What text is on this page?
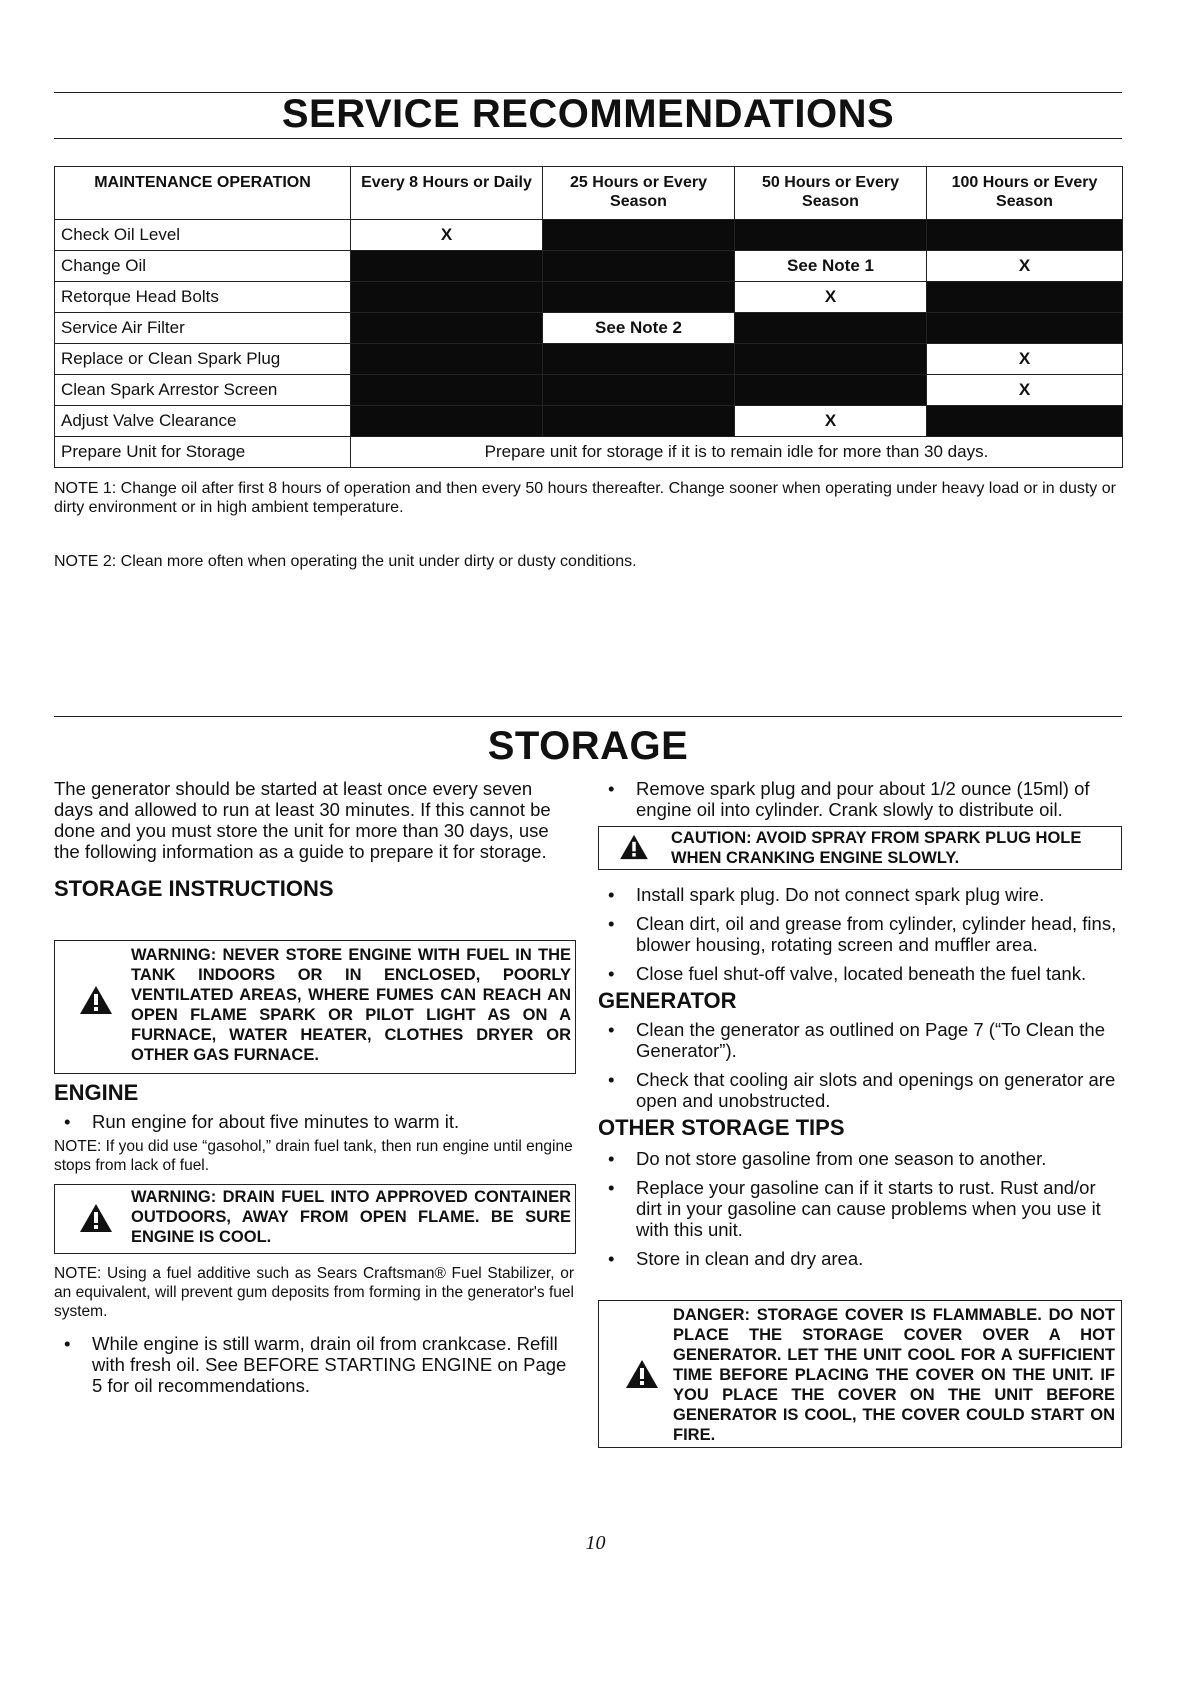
SERVICE RECOMMENDATIONS
MAINTENANCE OPERATION	Every 8 Hours or Daily	25 Hours or Every Season	50 Hours or Every Season	100 Hours or Every Season
Check Oil Level	X			
Change Oil			See Note 1	X
Retorque Head Bolts			X	
Service Air Filter		See Note 2		
Replace or Clean Spark Plug				X
Clean Spark Arrestor Screen				X
Adjust Valve Clearance			X	
Prepare Unit for Storage	Prepare unit for storage if it is to remain idle for more than 30 days.			
NOTE 1: Change oil after first 8 hours of operation and then every 50 hours thereafter. Change sooner when operating under heavy load or in dusty or dirty environment or in high ambient temperature.
NOTE 2: Clean more often when operating the unit under dirty or dusty conditions.
STORAGE

The generator should be started at least once every seven days and allowed to run at least 30 minutes. If this cannot be done and you must store the unit for more than 30 days, use the following information as a guide to prepare it for storage.

STORAGE INSTRUCTIONS
WARNING: NEVER STORE ENGINE WITH FUEL IN THE TANK INDOORS OR IN ENCLOSED, POORLY VENTILATED AREAS, WHERE FUMES CAN REACH AN OPEN FLAME SPARK OR PILOT LIGHT AS ON A FURNACE, WATER HEATER, CLOTHES DRYER OR OTHER GAS FURNACE.
ENGINE
• Run engine for about five minutes to warm it.
NOTE: If you did use “gasohol,” drain fuel tank, then run engine until engine stops from lack of fuel.
WARNING: DRAIN FUEL INTO APPROVED CONTAINER OUTDOORS, AWAY FROM OPEN FLAME. BE SURE ENGINE IS COOL.
NOTE: Using a fuel additive such as Sears Craftsman® Fuel Stabilizer, or an equivalent, will prevent gum deposits from forming in the generator's fuel system.
• While engine is still warm, drain oil from crankcase. Refill with fresh oil. See BEFORE STARTING ENGINE on Page 5 for oil recommendations.
• Remove spark plug and pour about 1/2 ounce (15ml) of engine oil into cylinder. Crank slowly to distribute oil.
CAUTION: AVOID SPRAY FROM SPARK PLUG HOLE WHEN CRANKING ENGINE SLOWLY.
• Install spark plug. Do not connect spark plug wire.
• Clean dirt, oil and grease from cylinder, cylinder head, fins, blower housing, rotating screen and muffler area.
• Close fuel shut-off valve, located beneath the fuel tank.
GENERATOR
• Clean the generator as outlined on Page 7 (“To Clean the Generator”).
• Check that cooling air slots and openings on generator are open and unobstructed.
OTHER STORAGE TIPS
• Do not store gasoline from one season to another.
• Replace your gasoline can if it starts to rust. Rust and/or dirt in your gasoline can cause problems when you use it with this unit.
• Store in clean and dry area.
DANGER: STORAGE COVER IS FLAMMABLE. DO NOT PLACE THE STORAGE COVER OVER A HOT GENERATOR. LET THE UNIT COOL FOR A SUFFICIENT TIME BEFORE PLACING THE COVER ON THE UNIT. IF YOU PLACE THE COVER ON THE UNIT BEFORE GENERATOR IS COOL, THE COVER COULD START ON FIRE.
10
